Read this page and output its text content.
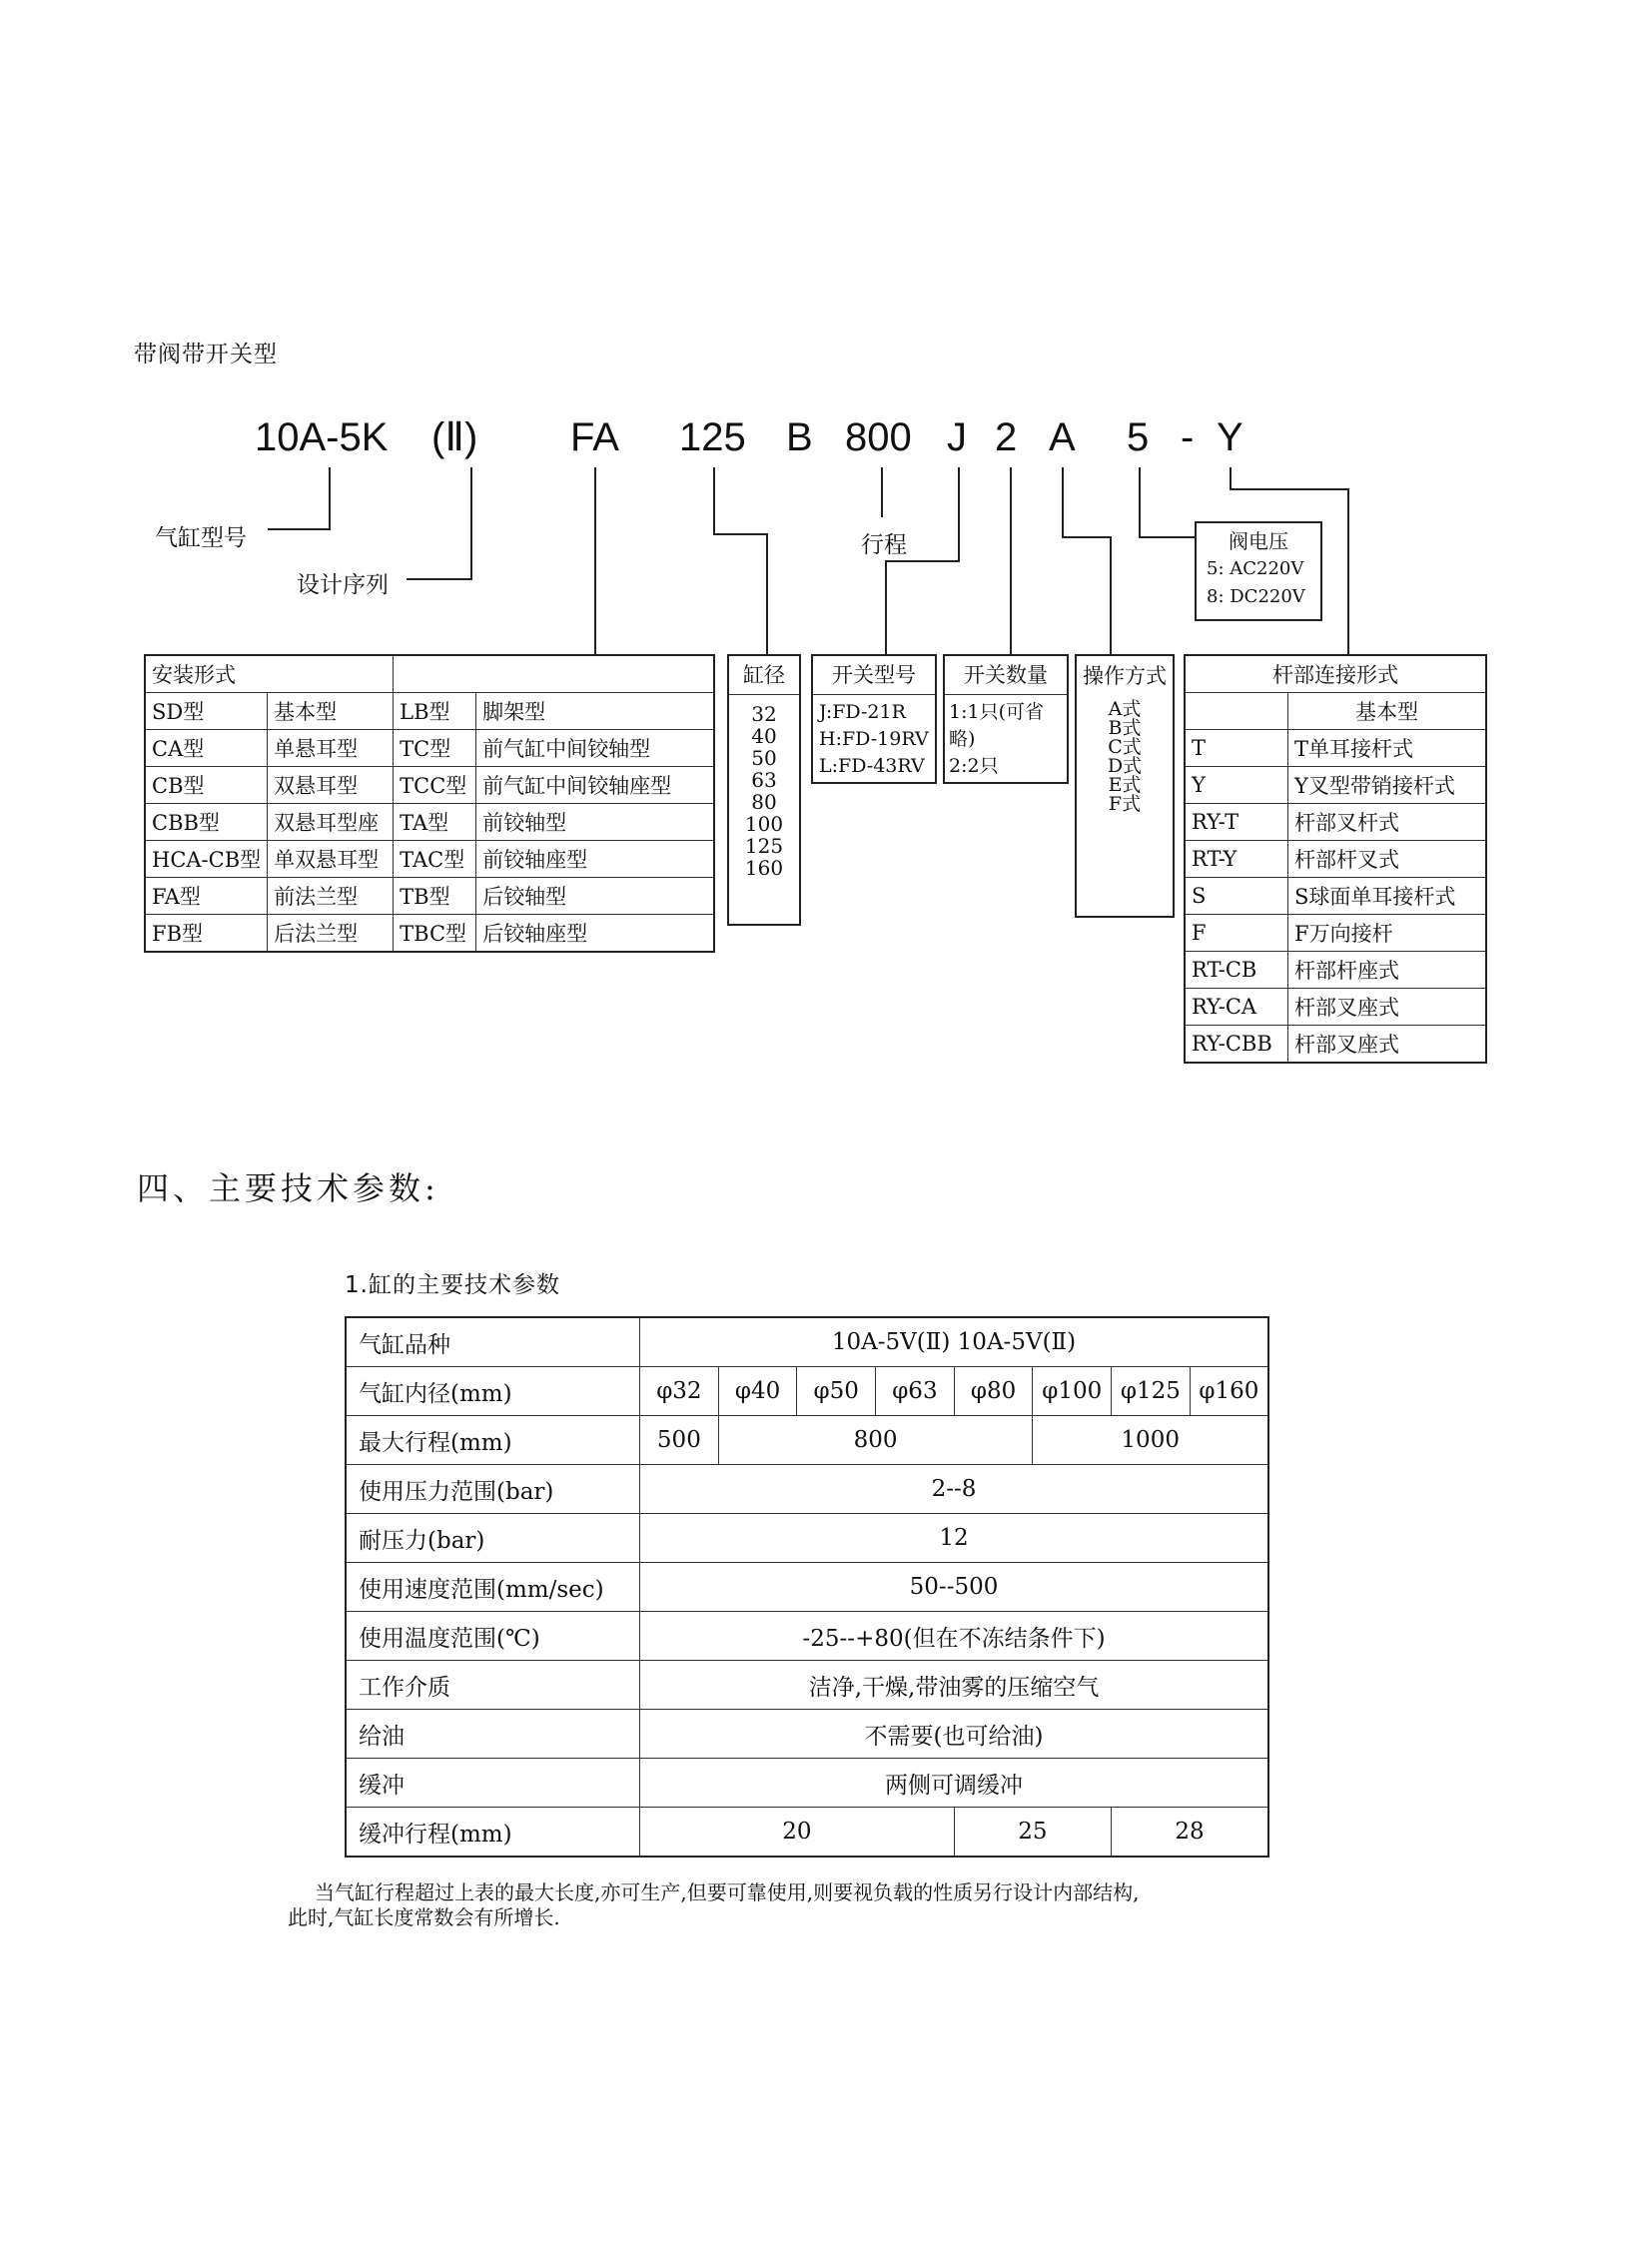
带阀带开关型
10A-5K (Ⅱ) FA 125 B 800 J 2 A 5 - Y
气缸型号
设计序列
行程
安装形式			
SD型	基本型	LB型	脚架型
CA型	单悬耳型	TC型	前气缸中间铰轴型
CB型	双悬耳型	TCC型	前气缸中间铰轴座型
CBB型	双悬耳型座	TA型	前铰轴型
HCA-CB型	单双悬耳型	TAC型	前铰轴座型
FA型	前法兰型	TB型	后铰轴型
FB型	后法兰型	TBC型	后铰轴座型
缸径
32
40
50
63
80
100
125
160
开关型号
J:FD-21R
H:FD-19RV
L:FD-43RV
开关数量
1:1只(可省略)
2:2只
操作方式
A式
B式
C式
D式
E式
F式
阀电压
5: AC220V
8: DC220V
杆部连接形式	
	基本型
T	T单耳接杆式
Y	Y叉型带销接杆式
RY-T	杆部叉杆式
RT-Y	杆部杆叉式
S	S球面单耳接杆式
F	F万向接杆
RT-CB	杆部杆座式
RY-CA	杆部叉座式
RY-CBB	杆部叉座式
四、主要技术参数:
1.缸的主要技术参数
气缸品种	10A-5V(Ⅱ) 10A-5V(Ⅱ)							
气缸内径(mm)	φ32	φ40	φ50	φ63	φ80	φ100	φ125	φ160
最大行程(mm)	500	800				1000		
使用压力范围(bar)	2--8							
耐压力(bar)	12							
使用速度范围(mm/sec)	50--500							
使用温度范围(℃)	-25--+80(但在不冻结条件下)							
工作介质	洁净,干燥,带油雾的压缩空气							
给油	不需要(也可给油)							
缓冲	两侧可调缓冲							
缓冲行程(mm)	20				25		28	
当气缸行程超过上表的最大长度,亦可生产,但要可靠使用,则要视负载的性质另行设计内部结构,
此时,气缸长度常数会有所增长.
